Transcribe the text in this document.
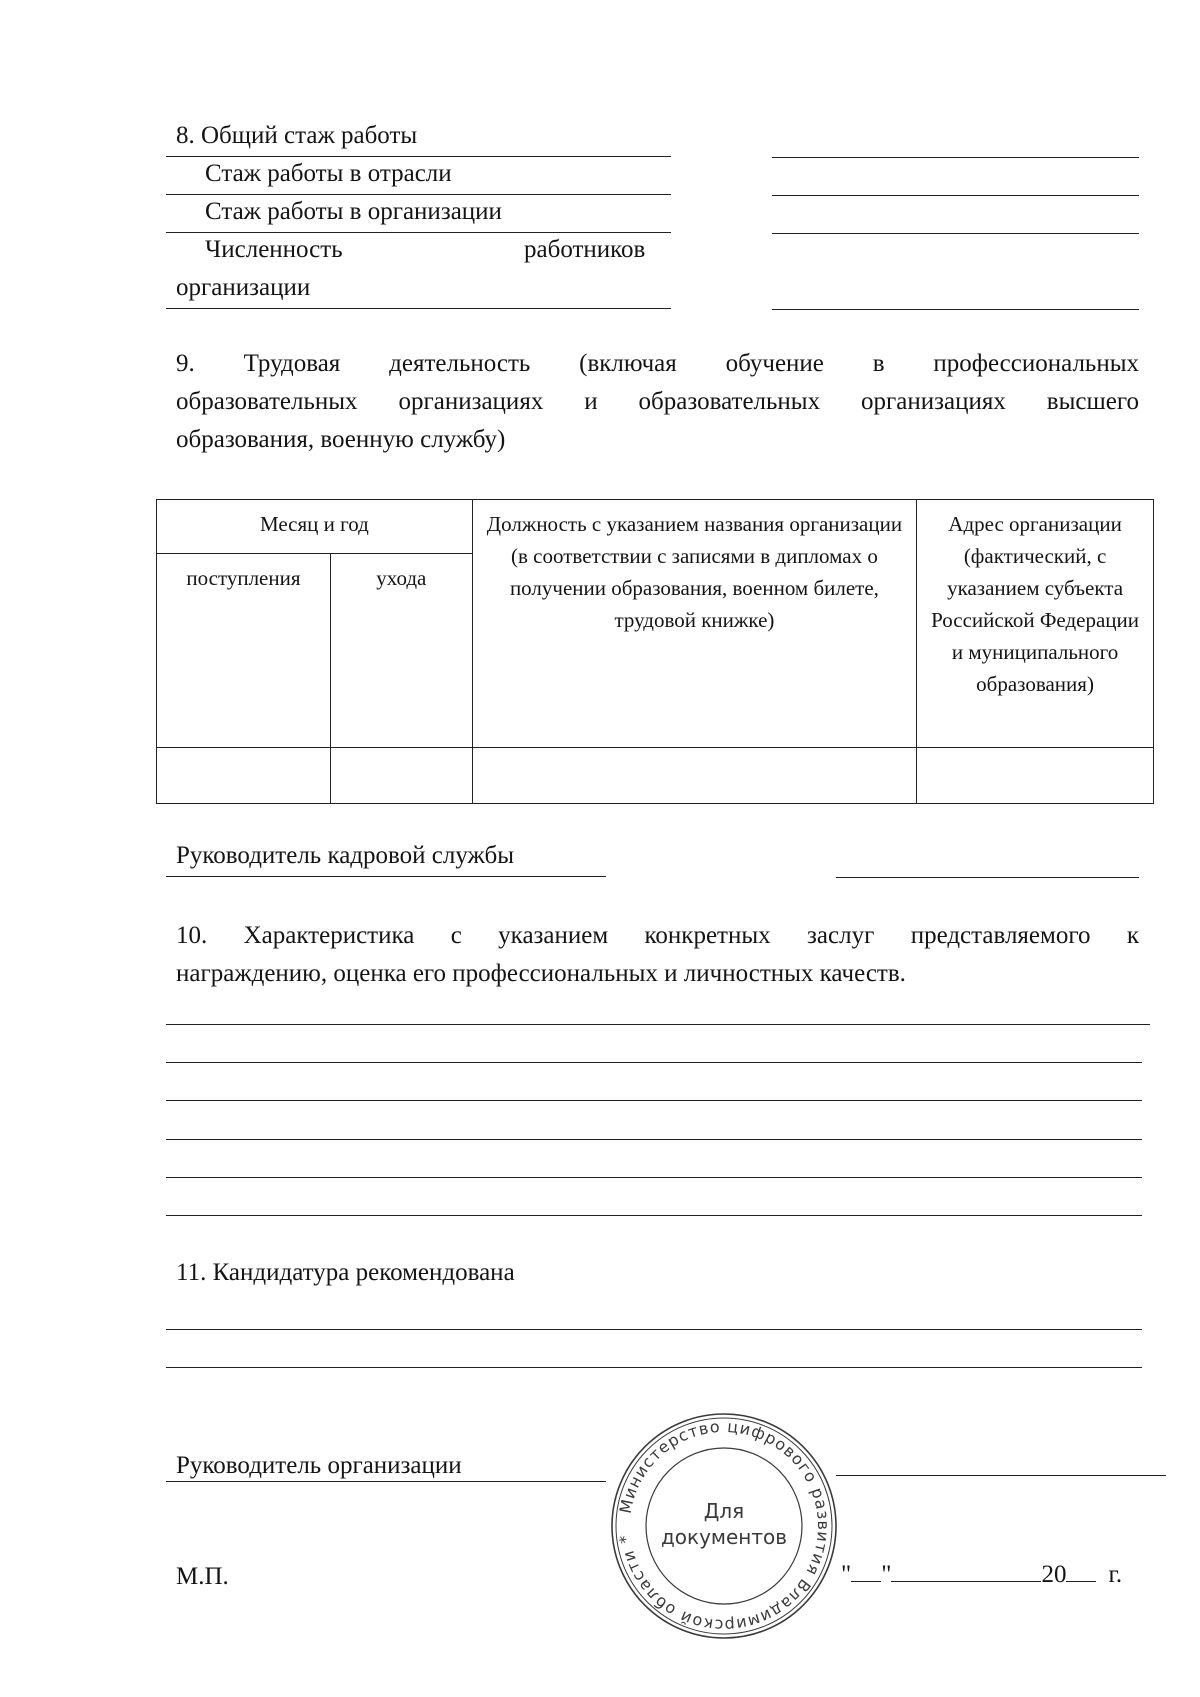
8. Общий стаж работы
Стаж работы в отрасли
Стаж работы в организации
Численность	работников
организации
9. Трудовая деятельность (включая обучение в профессиональных
образовательных организациях и образовательных организациях высшего
образования, военную службу)
Месяц и год		Должность с указанием названия организации (в соответствии с записями в дипломах о получении образования, военном билете, трудовой книжке)	Адрес организации (фактический, с указанием субъекта Российской Федерации и муниципального образования)
поступления	ухода		

Руководитель кадровой службы
10. Характеристика с указанием конкретных заслуг представляемого к
награждению, оценка его профессиональных и личностных качеств.
11. Кандидатура рекомендована
Руководитель организации
М.П.	" "	20 г.
Министерство цифрового развития Владимирской области *
Для
документов
